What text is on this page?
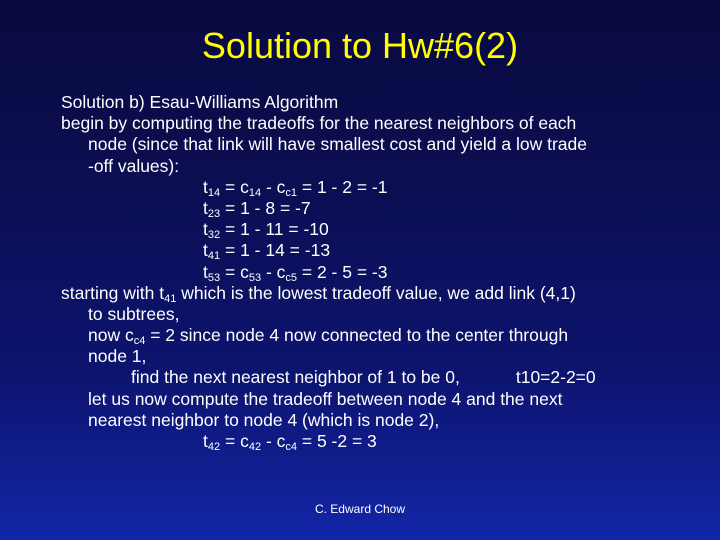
Solution to Hw#6(2)
Solution b) Esau-Williams Algorithm
begin by computing the tradeoffs for the nearest neighbors of each
node (since that link will have smallest cost and yield a low trade
-off values):
$t_{14} = c_{14} - c_{c1} = 1 - 2 = -1$
$t_{23} = 1 - 8 = -7$
$t_{32} = 1 - 11 = -10$
$t_{41} = 1 - 14 = -13$
$t_{53} = c_{53} - c_{c5} = 2 - 5 = -3$
starting with $t_{41}$ which is the lowest tradeoff value, we add link (4,1)
to subtrees,
now $c_{c4} = 2$ since node 4 now connected to the center through
node 1,
find the next nearest neighbor of 1 to be 0,	t10=2-2=0
let us now compute the tradeoff between node 4 and the next
nearest neighbor to node 4 (which is node 2),
$t_{42} = c_{42} - c_{c4} = 5$ -2 = 3
C. Edward Chow
